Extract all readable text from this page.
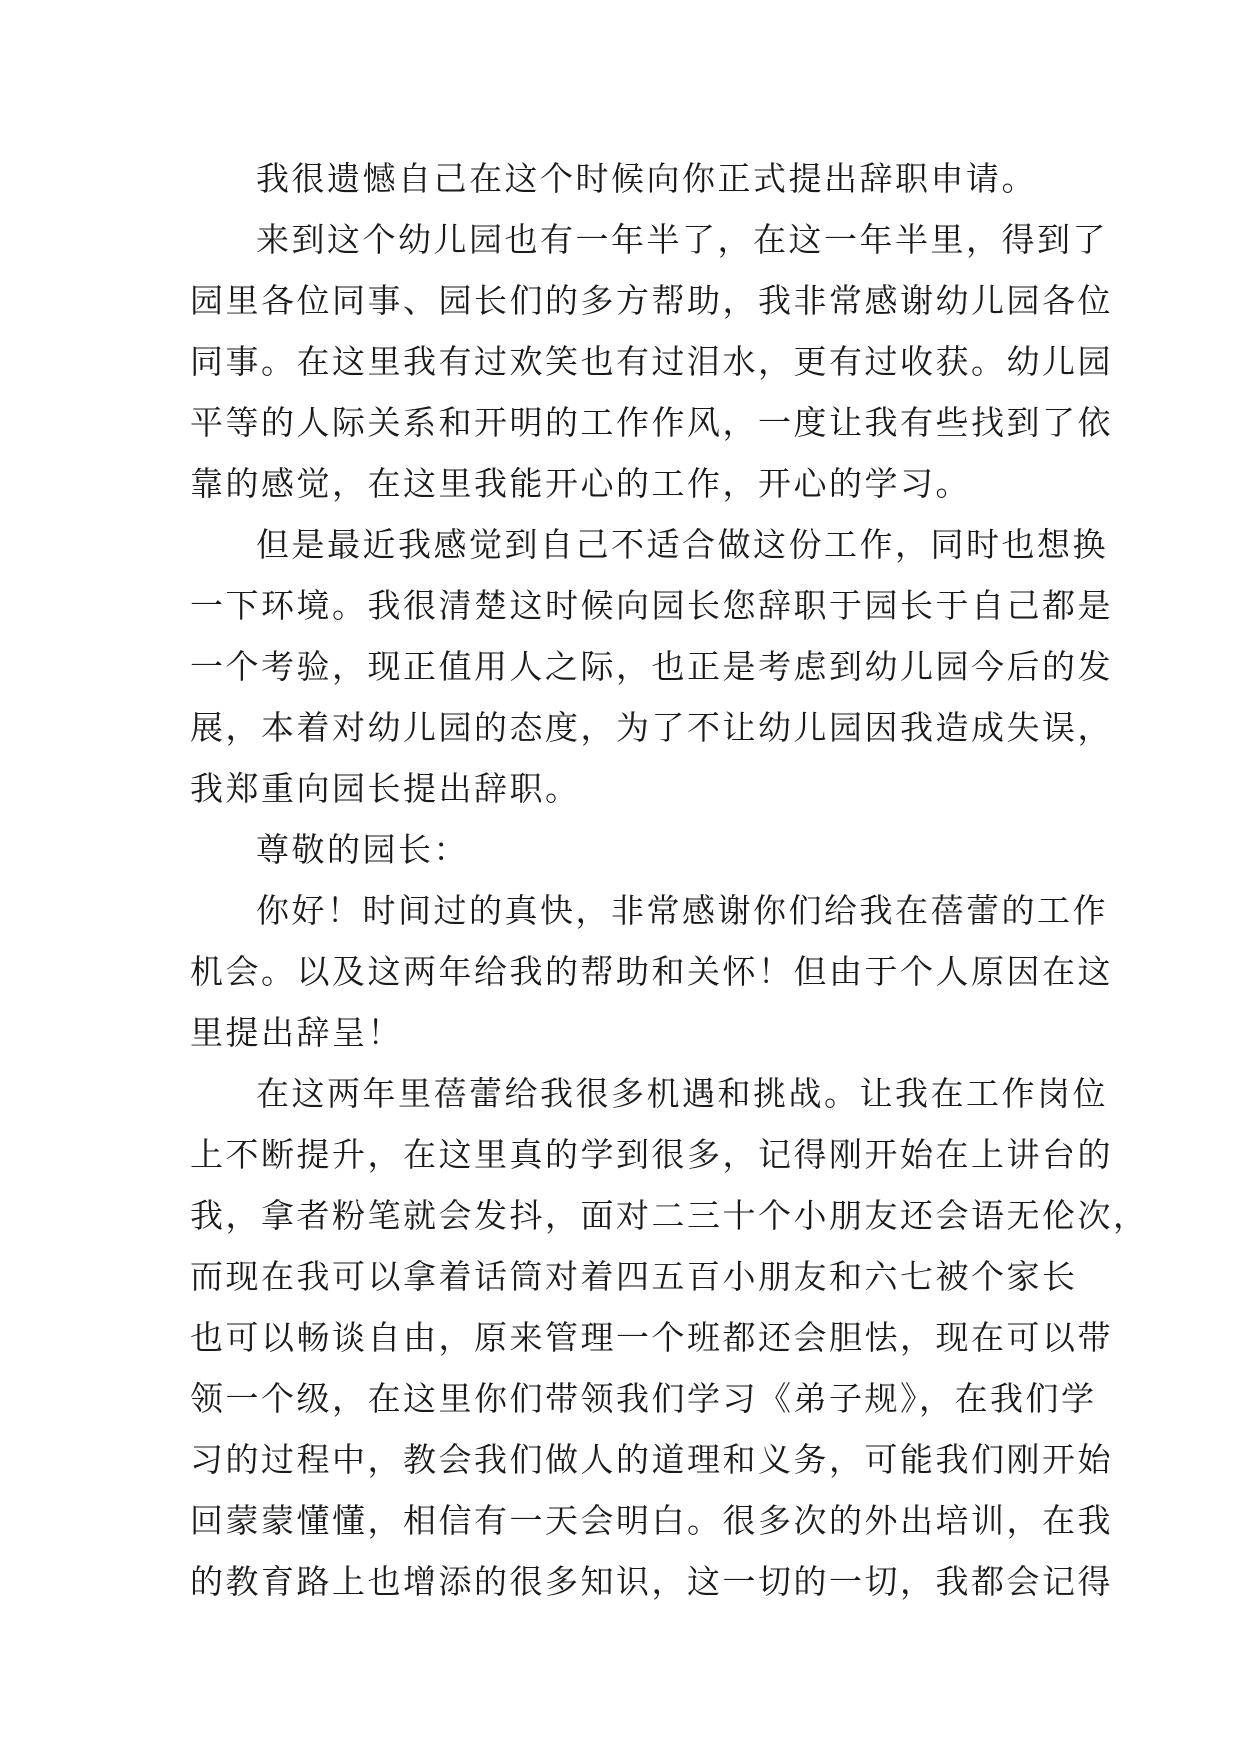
我很遗憾自己在这个时候向你正式提出辞职申请。
来到这个幼儿园也有一年半了，在这一年半里，得到了
园里各位同事、园长们的多方帮助，我非常感谢幼儿园各位
同事。在这里我有过欢笑也有过泪水，更有过收获。幼儿园
平等的人际关系和开明的工作作风，一度让我有些找到了依
靠的感觉，在这里我能开心的工作，开心的学习。
但是最近我感觉到自己不适合做这份工作，同时也想换
一下环境。我很清楚这时候向园长您辞职于园长于自己都是
一个考验，现正值用人之际，也正是考虑到幼儿园今后的发
展，本着对幼儿园的态度，为了不让幼儿园因我造成失误，
我郑重向园长提出辞职。
尊敬的园长：
你好！时间过的真快，非常感谢你们给我在蓓蕾的工作
机会。以及这两年给我的帮助和关怀！但由于个人原因在这
里提出辞呈！
在这两年里蓓蕾给我很多机遇和挑战。让我在工作岗位
上不断提升，在这里真的学到很多，记得刚开始在上讲台的
我，拿者粉笔就会发抖，面对二三十个小朋友还会语无伦次，
而现在我可以拿着话筒对着四五百小朋友和六七被个家长
也可以畅谈自由，原来管理一个班都还会胆怯，现在可以带
领一个级，在这里你们带领我们学习《弟子规》，在我们学
习的过程中，教会我们做人的道理和义务，可能我们刚开始
回蒙蒙懂懂，相信有一天会明白。很多次的外出培训，在我
的教育路上也增添的很多知识，这一切的一切，我都会记得
